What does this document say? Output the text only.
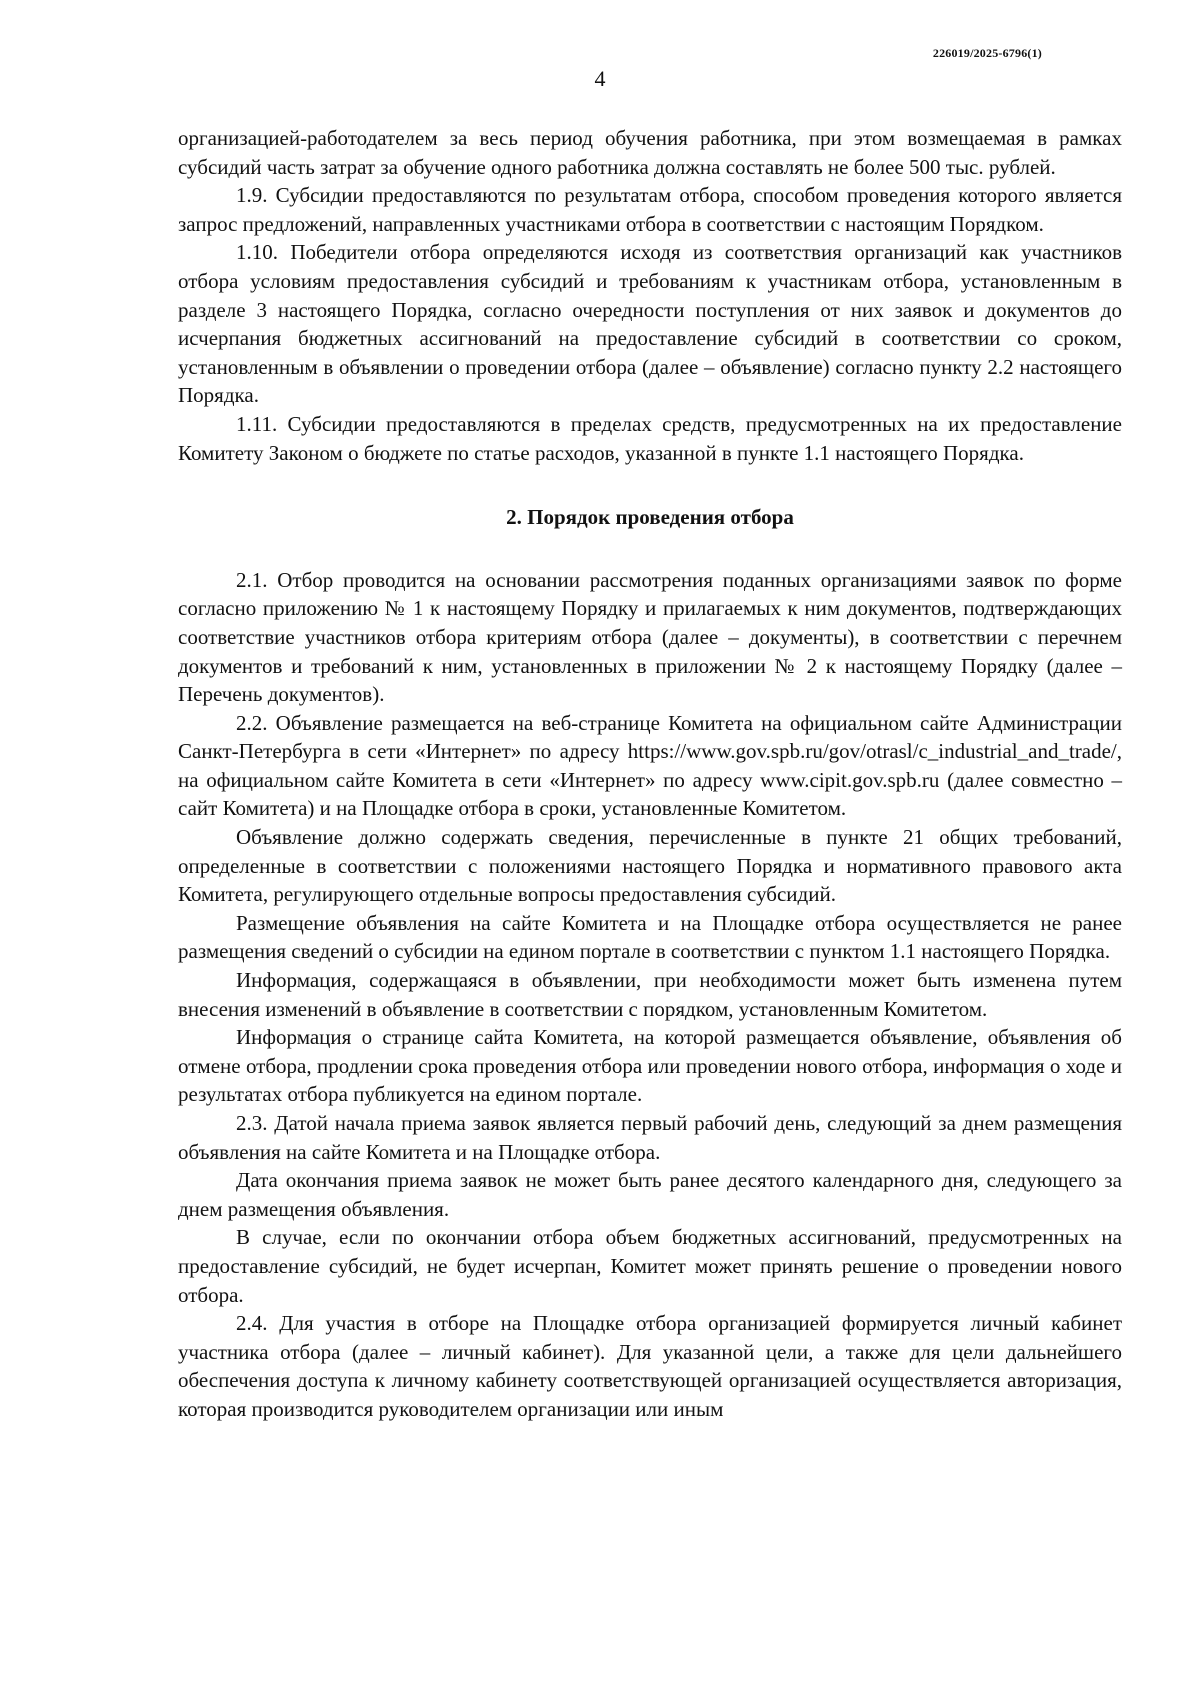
226019/2025-6796(1)
4

организацией-работодателем за весь период обучения работника, при этом возмещаемая в рамках субсидий часть затрат за обучение одного работника должна составлять не более 500 тыс. рублей.

1.9. Субсидии предоставляются по результатам отбора, способом проведения которого является запрос предложений, направленных участниками отбора в соответствии с настоящим Порядком.

1.10. Победители отбора определяются исходя из соответствия организаций как участников отбора условиям предоставления субсидий и требованиям к участникам отбора, установленным в разделе 3 настоящего Порядка, согласно очередности поступления от них заявок и документов до исчерпания бюджетных ассигнований на предоставление субсидий в соответствии со сроком, установленным в объявлении о проведении отбора (далее – объявление) согласно пункту 2.2 настоящего Порядка.

1.11. Субсидии предоставляются в пределах средств, предусмотренных на их предоставление Комитету Законом о бюджете по статье расходов, указанной в пункте 1.1 настоящего Порядка.

2. Порядок проведения отбора

2.1. Отбор проводится на основании рассмотрения поданных организациями заявок по форме согласно приложению № 1 к настоящему Порядку и прилагаемых к ним документов, подтверждающих соответствие участников отбора критериям отбора (далее – документы), в соответствии с перечнем документов и требований к ним, установленных в приложении № 2 к настоящему Порядку (далее – Перечень документов).

2.2. Объявление размещается на веб-странице Комитета на официальном сайте Администрации Санкт-Петербурга в сети «Интернет» по адресу https://www.gov.spb.ru/gov/otrasl/c_industrial_and_trade/, на официальном сайте Комитета в сети «Интернет» по адресу www.cipit.gov.spb.ru (далее совместно – сайт Комитета) и на Площадке отбора в сроки, установленные Комитетом.

Объявление должно содержать сведения, перечисленные в пункте 21 общих требований, определенные в соответствии с положениями настоящего Порядка и нормативного правового акта Комитета, регулирующего отдельные вопросы предоставления субсидий.

Размещение объявления на сайте Комитета и на Площадке отбора осуществляется не ранее размещения сведений о субсидии на едином портале в соответствии с пунктом 1.1 настоящего Порядка.

Информация, содержащаяся в объявлении, при необходимости может быть изменена путем внесения изменений в объявление в соответствии с порядком, установленным Комитетом.

Информация о странице сайта Комитета, на которой размещается объявление, объявления об отмене отбора, продлении срока проведения отбора или проведении нового отбора, информация о ходе и результатах отбора публикуется на едином портале.

2.3. Датой начала приема заявок является первый рабочий день, следующий за днем размещения объявления на сайте Комитета и на Площадке отбора.

Дата окончания приема заявок не может быть ранее десятого календарного дня, следующего за днем размещения объявления.

В случае, если по окончании отбора объем бюджетных ассигнований, предусмотренных на предоставление субсидий, не будет исчерпан, Комитет может принять решение о проведении нового отбора.

2.4. Для участия в отборе на Площадке отбора организацией формируется личный кабинет участника отбора (далее – личный кабинет). Для указанной цели, а также для цели дальнейшего обеспечения доступа к личному кабинету соответствующей организацией осуществляется авторизация, которая производится руководителем организации или иным
